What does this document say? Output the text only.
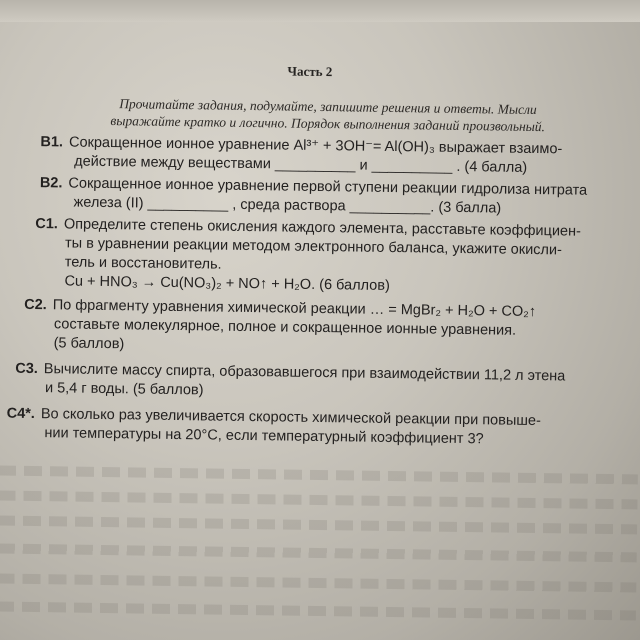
Часть 2
Прочитайте задания, подумайте, запишите решения и ответы. Мысли
выражайте кратко и логично. Порядок выполнения заданий произвольный.
В1. Сокращенное ионное уравнение Al³⁺ + 3OH⁻= Al(OH)₃ выражает взаимо-
действие между веществами __________ и __________ . (4 балла)
В2. Сокращенное ионное уравнение первой ступени реакции гидролиза нитрата
железа (II) __________ , среда раствора __________. (3 балла)
С1. Определите степень окисления каждого элемента, расставьте коэффициен-
ты в уравнении реакции методом электронного баланса, укажите окисли-
тель и восстановитель.
Cu + HNO₃ → Cu(NO₃)₂ + NO↑ + H₂O. (6 баллов)
С2. По фрагменту уравнения химической реакции … = MgBr₂ + H₂O + CO₂↑
составьте молекулярное, полное и сокращенное ионные уравнения.
(5 баллов)
С3. Вычислите массу спирта, образовавшегося при взаимодействии 11,2 л этена
и 5,4 г воды. (5 баллов)
С4*. Во сколько раз увеличивается скорость химической реакции при повыше-
нии температуры на 20°С, если температурный коэффициент 3?
